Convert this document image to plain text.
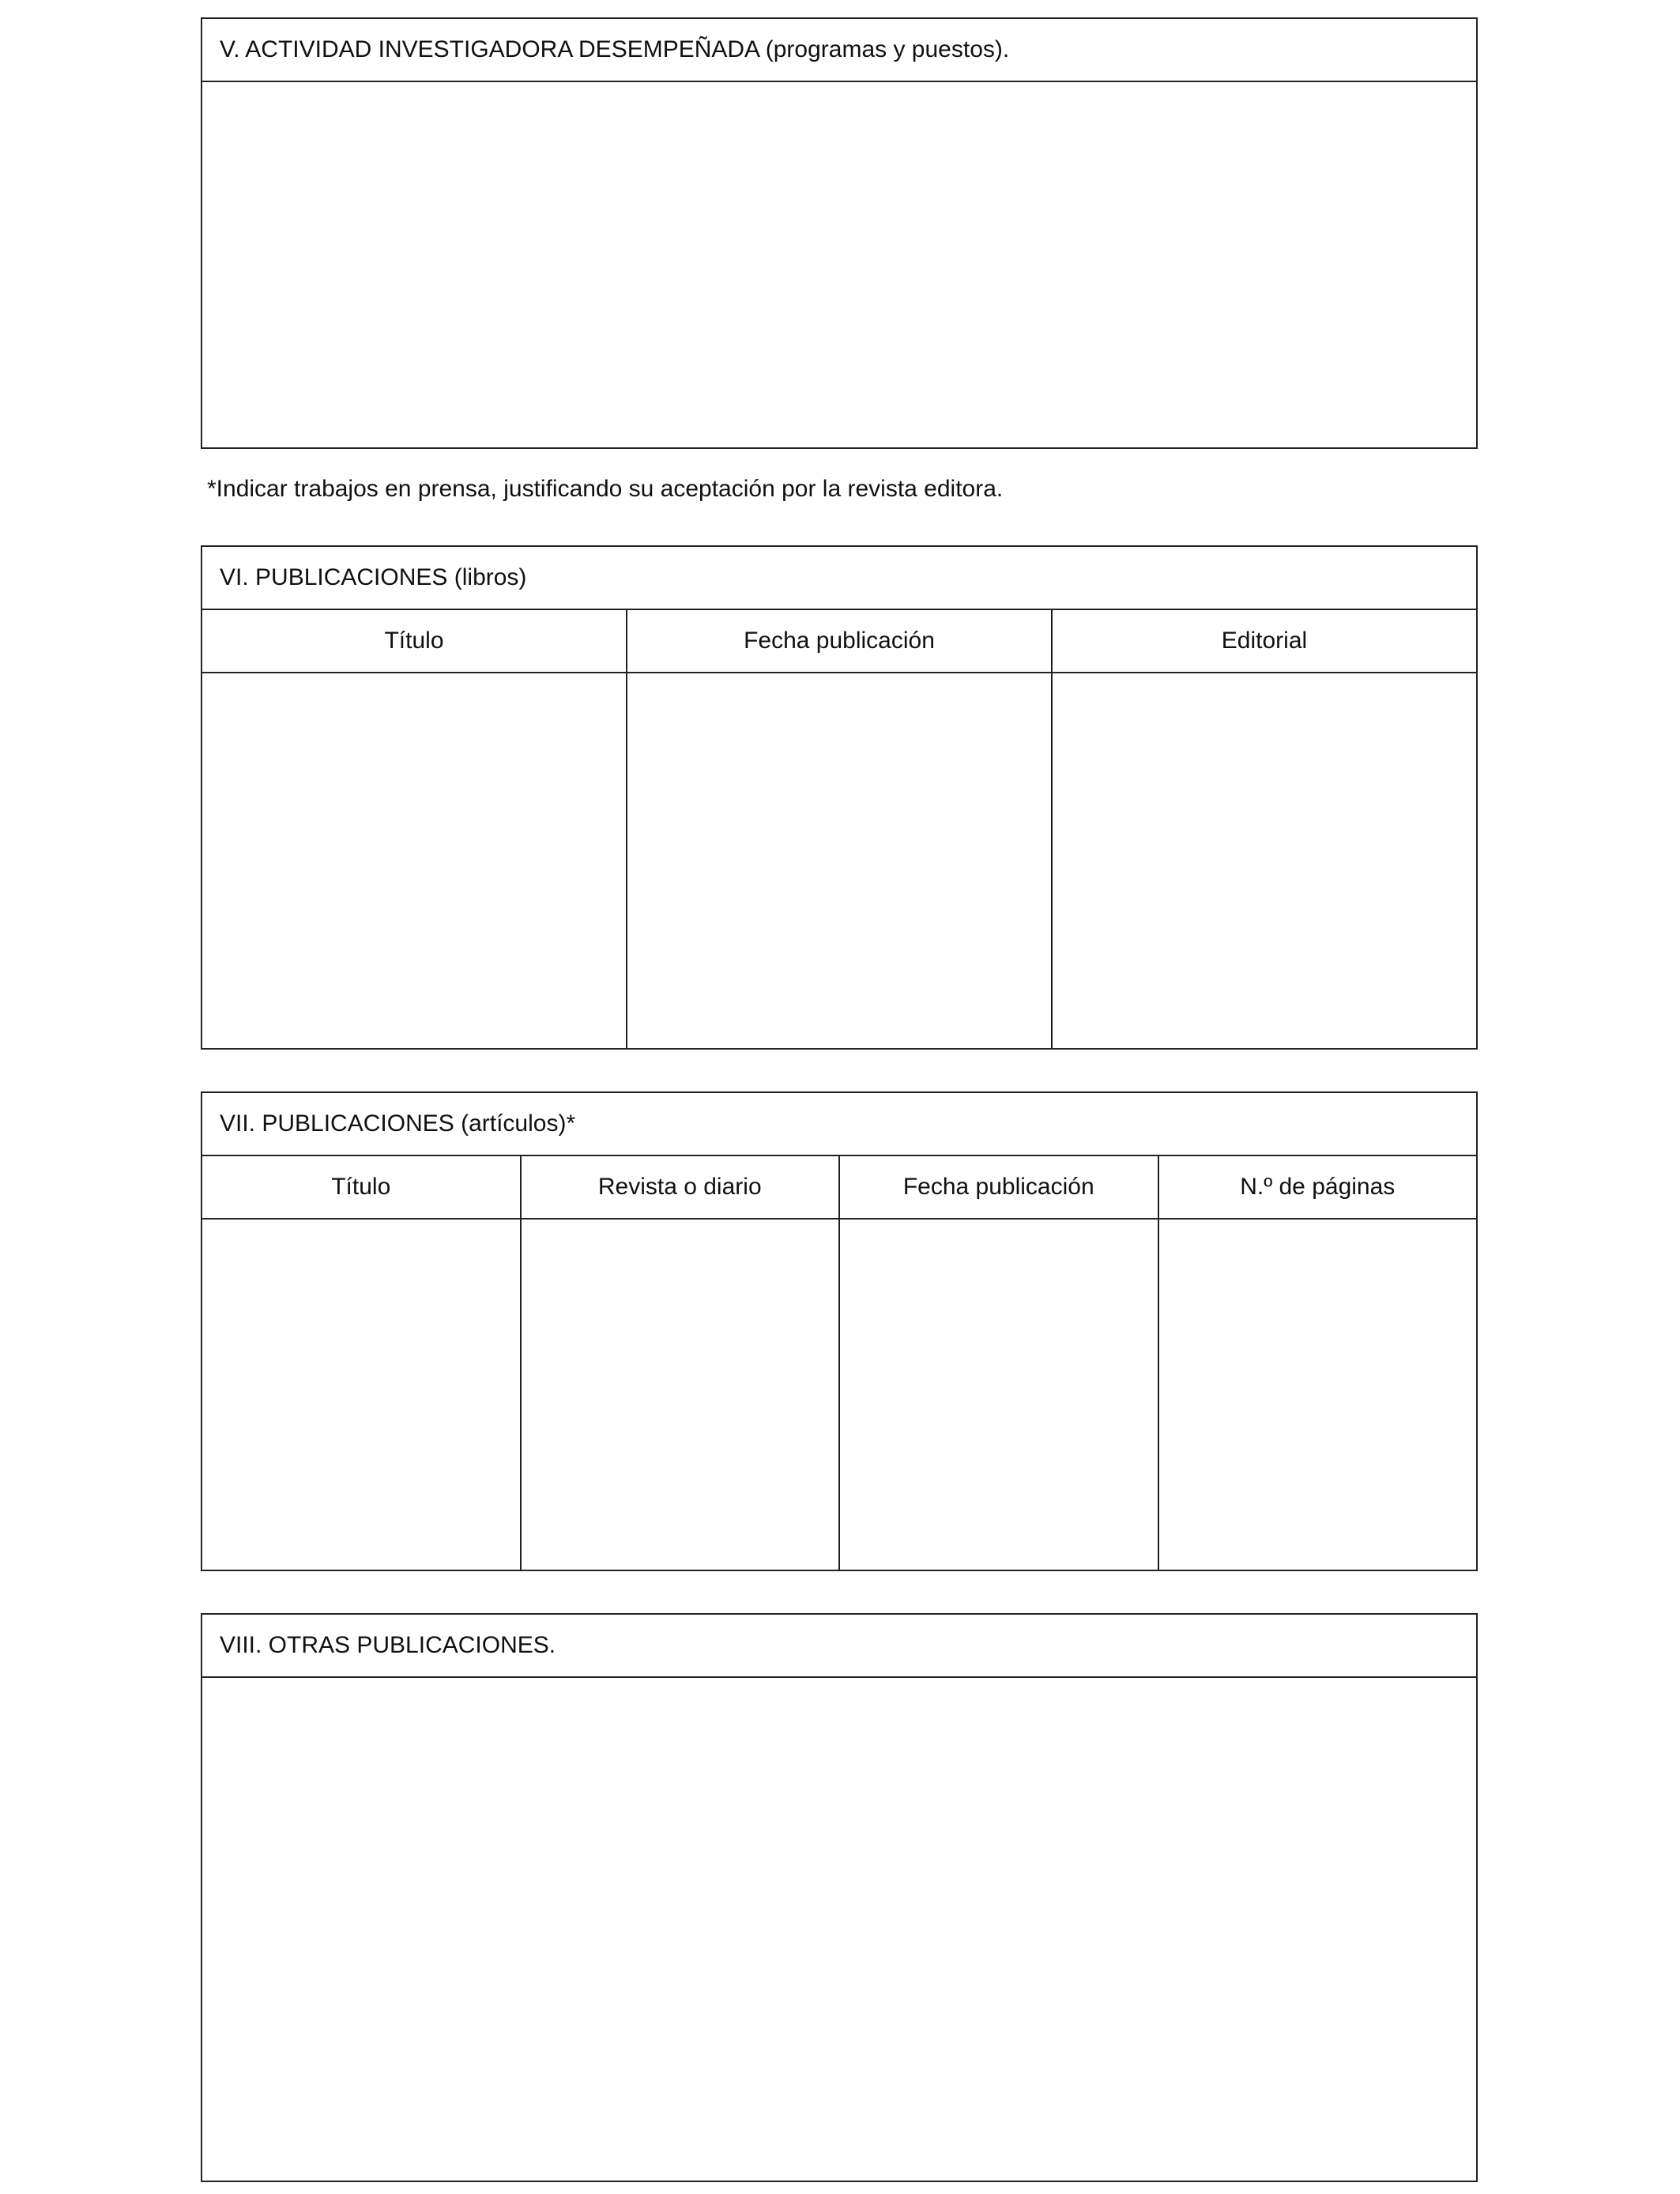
V. ACTIVIDAD INVESTIGADORA DESEMPEÑADA (programas y puestos).
*Indicar trabajos en prensa, justificando su aceptación por la revista editora.
VI. PUBLICACIONES (libros)
Título	Fecha publicación	Editorial
VII. PUBLICACIONES (artículos)*
Título	Revista o diario	Fecha publicación	N.º de páginas
VIII. OTRAS PUBLICACIONES.
